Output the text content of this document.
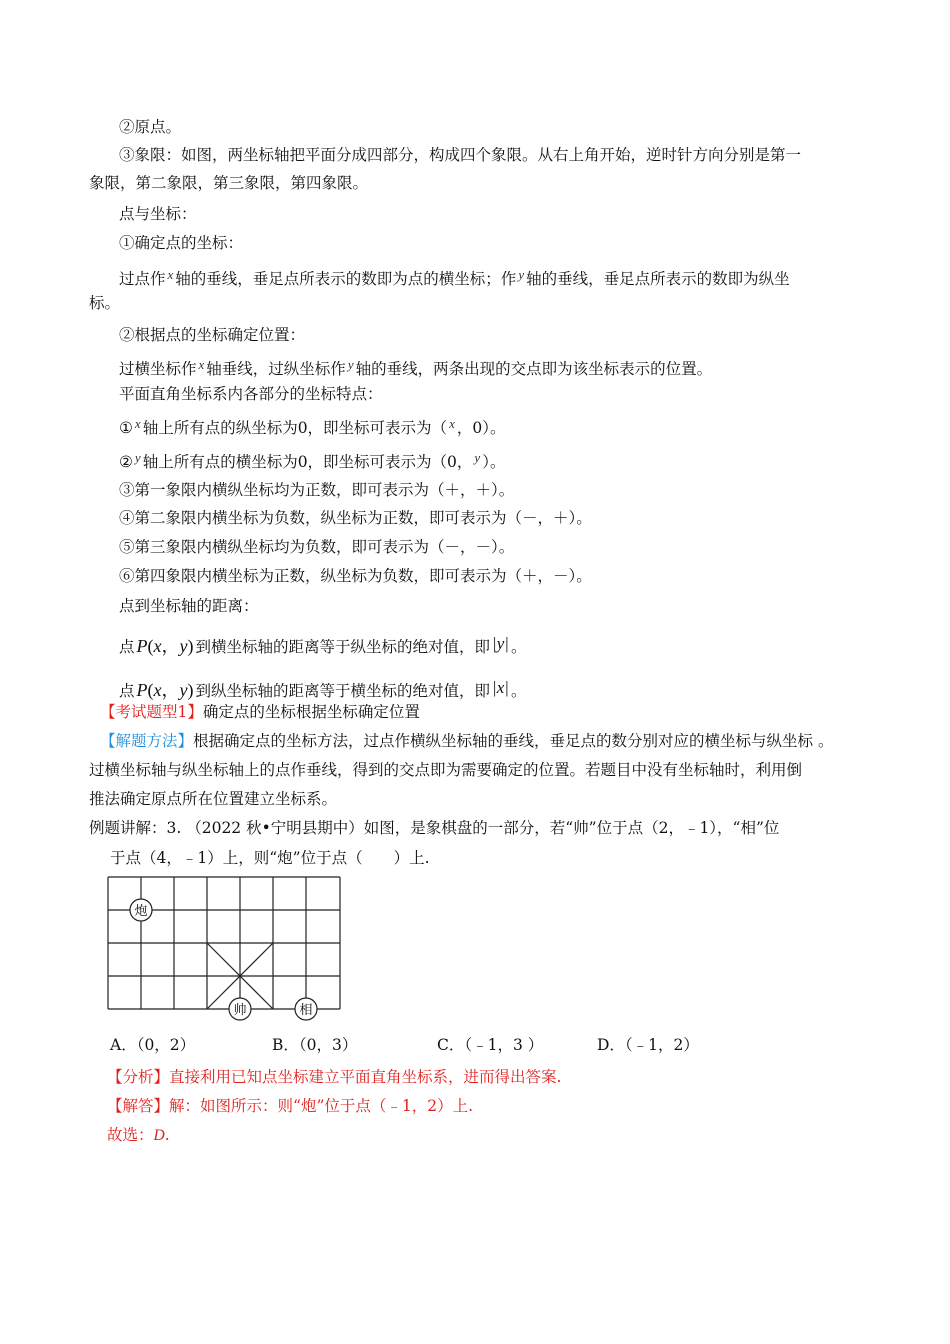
②原点。
③象限：如图，两坐标轴把平面分成四部分，构成四个象限。从右上角开始，逆时针方向分别是第一
象限，第二象限，第三象限，第四象限。
点与坐标：
①确定点的坐标：
过点作 $^x$ 轴的垂线，垂足点所表示的数即为点的横坐标；作 $^y$ 轴的垂线，垂足点所表示的数即为纵坐
标。
②根据点的坐标确定位置：
过横坐标作 $^x$ 轴垂线，过纵坐标作 $^y$ 轴的垂线，两条出现的交点即为该坐标表示的位置。
平面直角坐标系内各部分的坐标特点：
① $^x$ 轴上所有点的纵坐标为0，即坐标可表示为（ $^x$ ，0）。
② $^y$ 轴上所有点的横坐标为0，即坐标可表示为（0， $^y$ ）。
③第一象限内横纵坐标均为正数，即可表示为（＋，＋）。
④第二象限内横坐标为负数，纵坐标为正数，即可表示为（－，＋）。
⑤第三象限内横纵坐标均为负数，即可表示为（－，－）。
⑥第四象限内横坐标为正数，纵坐标为负数，即可表示为（＋，－）。
点到坐标轴的距离：
点 P(x，y) 到横坐标轴的距离等于纵坐标的绝对值，即 |y| 。
点 P(x，y) 到纵坐标轴的距离等于横坐标的绝对值，即 |x| 。
【考试题型1】确定点的坐标根据坐标确定位置
【解题方法】根据确定点的坐标方法，过点作横纵坐标轴的垂线，垂足点的数分别对应的横坐标与纵坐标 。
过横坐标轴与纵坐标轴上的点作垂线，得到的交点即为需要确定的位置。若题目中没有坐标轴时，利用倒
推法确定原点所在位置建立坐标系。
例题讲解：3. （2022 秋•宁明县期中）如图，是象棋盘的一部分，若“帅”位于点（2，﹣1），“相”位
于点（4，﹣1）上，则“炮”位于点（　　）上.
炮
帅	相
A．（0，2）	B．（0，3）	C．（﹣1，3 ）	D．（﹣1，2）
【分析】直接利用已知点坐标建立平面直角坐标系，进而得出答案.
【解答】解：如图所示：则“炮”位于点（﹣1，2）上.
故选：D.
